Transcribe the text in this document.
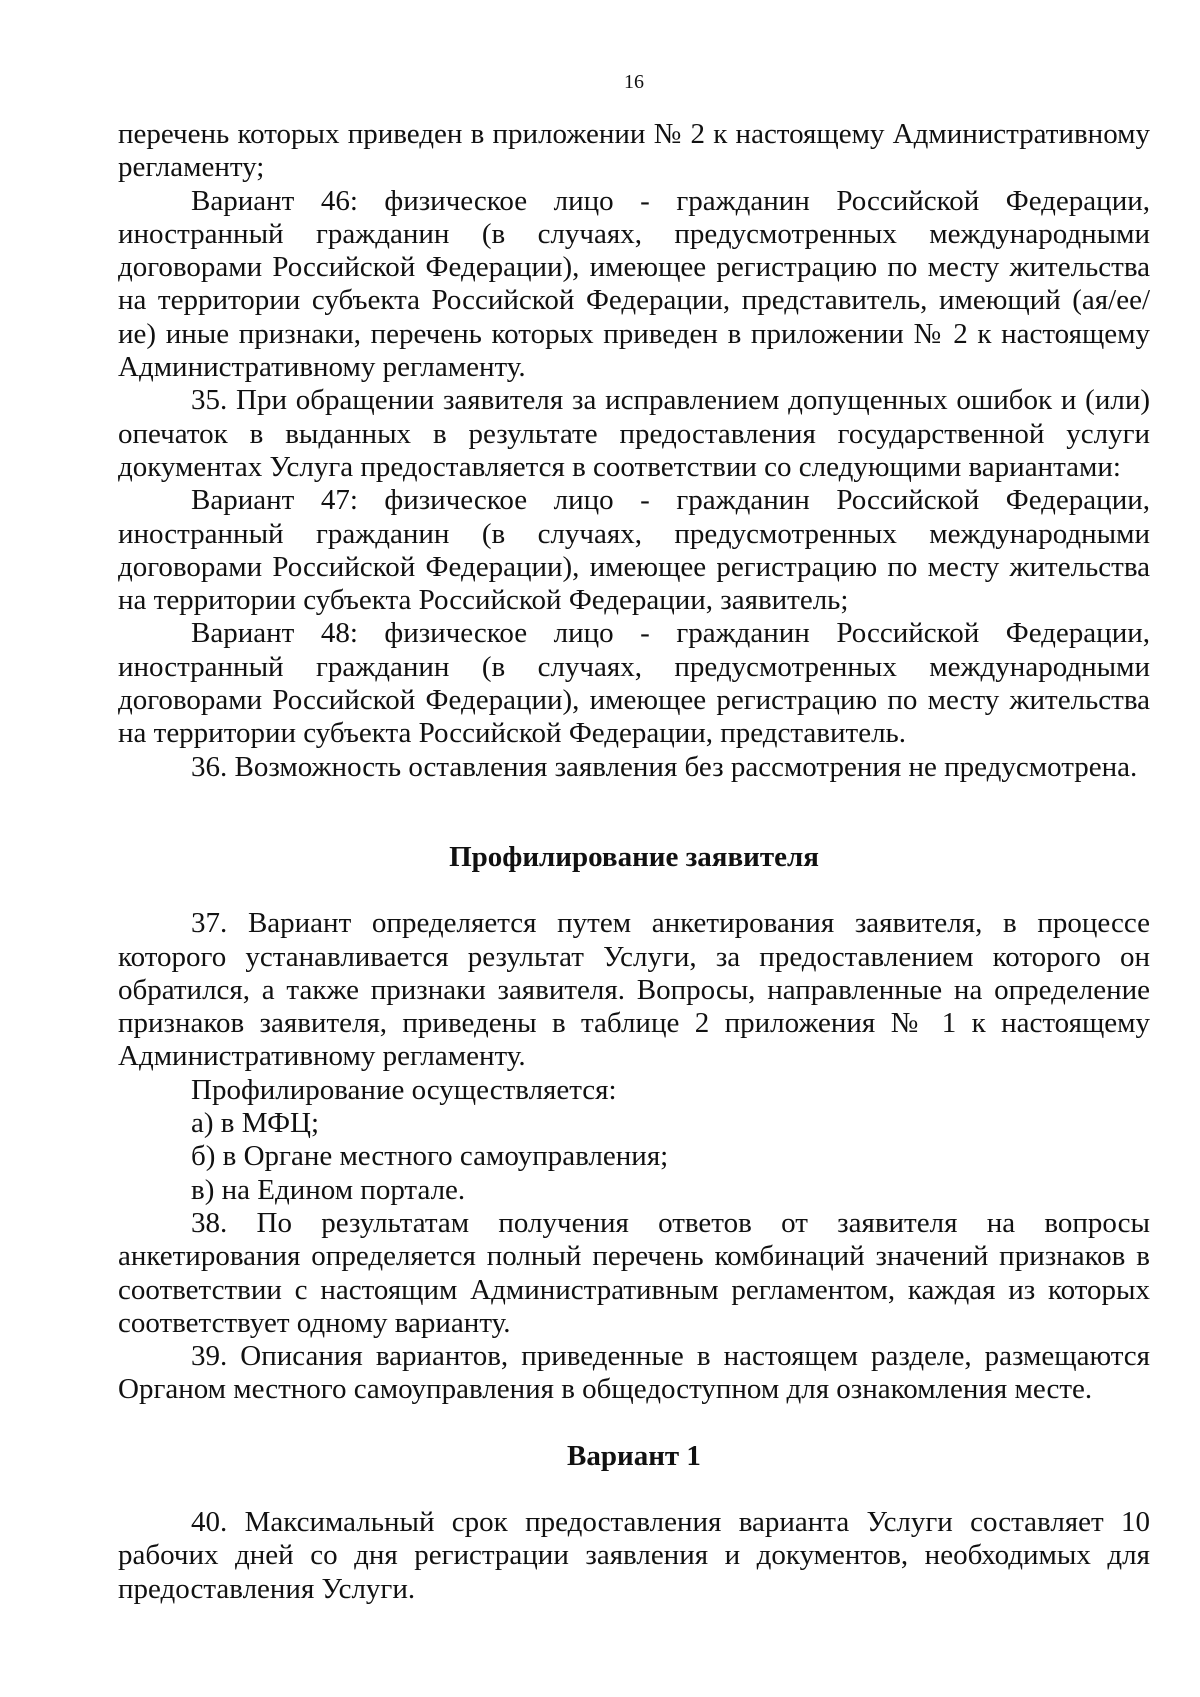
16

перечень которых приведен в приложении № 2 к настоящему Административному регламенту;

Вариант 46: физическое лицо - гражданин Российской Федерации, иностранный гражданин (в случаях, предусмотренных международными договорами Российской Федерации), имеющее регистрацию по месту жительства на территории субъекта Российской Федерации, представитель, имеющий (ая/ее/ие) иные признаки, перечень которых приведен в приложении № 2 к настоящему Административному регламенту.

35. При обращении заявителя за исправлением допущенных ошибок и (или) опечаток в выданных в результате предоставления государственной услуги документах Услуга предоставляется в соответствии со следующими вариантами:

Вариант 47: физическое лицо - гражданин Российской Федерации, иностранный гражданин (в случаях, предусмотренных международными договорами Российской Федерации), имеющее регистрацию по месту жительства на территории субъекта Российской Федерации, заявитель;

Вариант 48: физическое лицо - гражданин Российской Федерации, иностранный гражданин (в случаях, предусмотренных международными договорами Российской Федерации), имеющее регистрацию по месту жительства на территории субъекта Российской Федерации, представитель.

36. Возможность оставления заявления без рассмотрения не предусмотрена.

Профилирование заявителя

37. Вариант определяется путем анкетирования заявителя, в процессе которого устанавливается результат Услуги, за предоставлением которого он обратился, а также признаки заявителя. Вопросы, направленные на определение признаков заявителя, приведены в таблице 2 приложения № 1 к настоящему Административному регламенту.

Профилирование осуществляется:

а) в МФЦ;

б) в Органе местного самоуправления;

в) на Едином портале.

38. По результатам получения ответов от заявителя на вопросы анкетирования определяется полный перечень комбинаций значений признаков в соответствии с настоящим Административным регламентом, каждая из которых соответствует одному варианту.

39. Описания вариантов, приведенные в настоящем разделе, размещаются Органом местного самоуправления в общедоступном для ознакомления месте.

Вариант 1

40. Максимальный срок предоставления варианта Услуги составляет 10 рабочих дней со дня регистрации заявления и документов, необходимых для предоставления Услуги.
